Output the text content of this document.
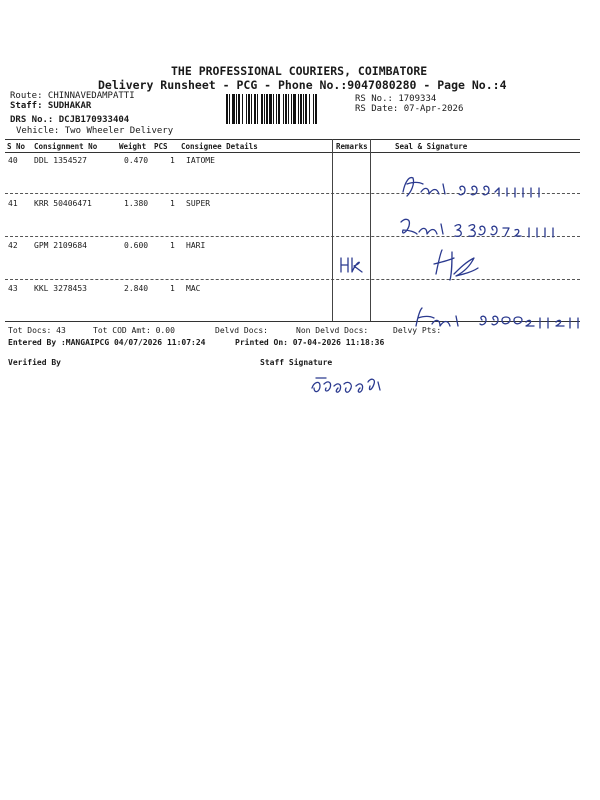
THE PROFESSIONAL COURIERS, COIMBATORE
Delivery Runsheet - PCG - Phone No.:9047080280 - Page No.:4
Route: CHINNAVEDAMPATTI
Staff: SUDHAKAR
DRS No.: DCJB170933404
Vehicle: Two Wheeler Delivery
RS No.: 1709334
RS Date: 07-Apr-2026
S No Consignment No	Weight PCS Consignee Details	Remarks	Seal & Signature
40 DDL 1354527	0.470	1 IATOME
41 KRR 50406471	1.380	1 SUPER
42 GPM 2109684	0.600	1 HARI
43 KKL 3278453	2.840	1 MAC
Tot Docs: 43	Tot COD Amt: 0.00	Delvd Docs:	Non Delvd Docs:	Delvy Pts:
Entered By :MANGAIPCG 04/07/2026 11:07:24	Printed On: 07-04-2026 11:18:36
Verified By	Staff Signature
